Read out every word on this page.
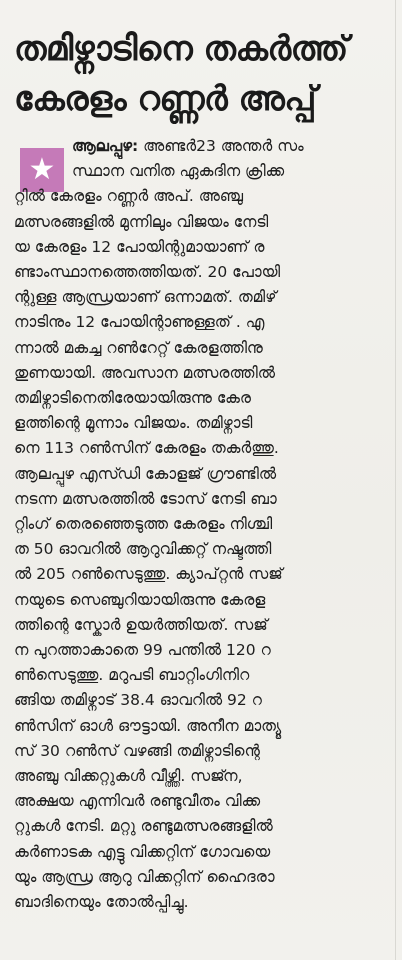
തമിഴ്നാടിനെ തകർത്ത്
കേരളം റണ്ണർ അപ്പ്
★
ആലപ്പുഴ: അണ്ടർ23 അന്തർ സം
സ്ഥാന വനിത ഏകദിന ക്രിക്ക
റ്റിൽ കേരളം റണ്ണർ അപ്. അഞ്ചു
മത്സരങ്ങളിൽ മുന്നിലും വിജയം നേടി
യ കേരളം 12 പോയിന്റുമായാണ് ര
ണ്ടാംസ്ഥാനത്തെത്തിയത്. 20 പോയി
ന്റുള്ള ആന്ധ്രയാണ് ഒന്നാമത്. തമിഴ്
നാടിനും 12 പോയിന്റാണുള്ളത് . എ
ന്നാൽ മകച്ച റൺറേറ്റ് കേരളത്തിനു
തുണയായി. അവസാന മത്സരത്തിൽ
തമിഴ്നാടിനെതിരേയായിരുന്നു കേര
ളത്തിന്റെ മൂന്നാം വിജയം. തമിഴ്നാടി
നെ 113 റൺസിന് കേരളം തകർത്തു.
ആലപ്പുഴ എസ്ഡി കോളജ് ഗ്രൗണ്ടിൽ
നടന്ന മത്സരത്തിൽ ടോസ് നേടി ബാ
റ്റിംഗ് തെരഞ്ഞെടുത്ത കേരളം നിശ്ചി
ത 50 ഓവറിൽ ആറുവിക്കറ്റ് നഷ്ടത്തി
ൽ 205 റൺസെടുത്തു. ക്യാപ്റ്റൻ സജ്
നയുടെ സെഞ്ചുറിയായിരുന്നു കേരള
ത്തിന്റെ സ്കോർ ഉയർത്തിയത്. സജ്
ന പുറത്താകാതെ 99 പന്തിൽ 120 റ
ൺസെടുത്തു. മറുപടി ബാറ്റിംഗിനിറ
ങ്ങിയ തമിഴ്നാട് 38.4 ഓവറിൽ 92 റ
ൺസിന് ഓൾ ഔട്ടായി. അനീന മാത്യൂ
സ് 30 റൺസ് വഴങ്ങി തമിഴ്നാടിന്റെ
അഞ്ചു വിക്കറ്റുകൾ വീഴ്ത്തി. സജ്ന,
അക്ഷയ എന്നിവർ രണ്ടുവീതം വിക്ക
റ്റുകൾ നേടി. മറ്റു രണ്ടുമത്സരങ്ങളിൽ
കർണാടക എട്ടു വിക്കറ്റിന് ഗോവയെ
യും ആന്ധ്ര ആറു വിക്കറ്റിന് ഹൈദരാ
ബാദിനെയും തോൽപ്പിച്ചു.
